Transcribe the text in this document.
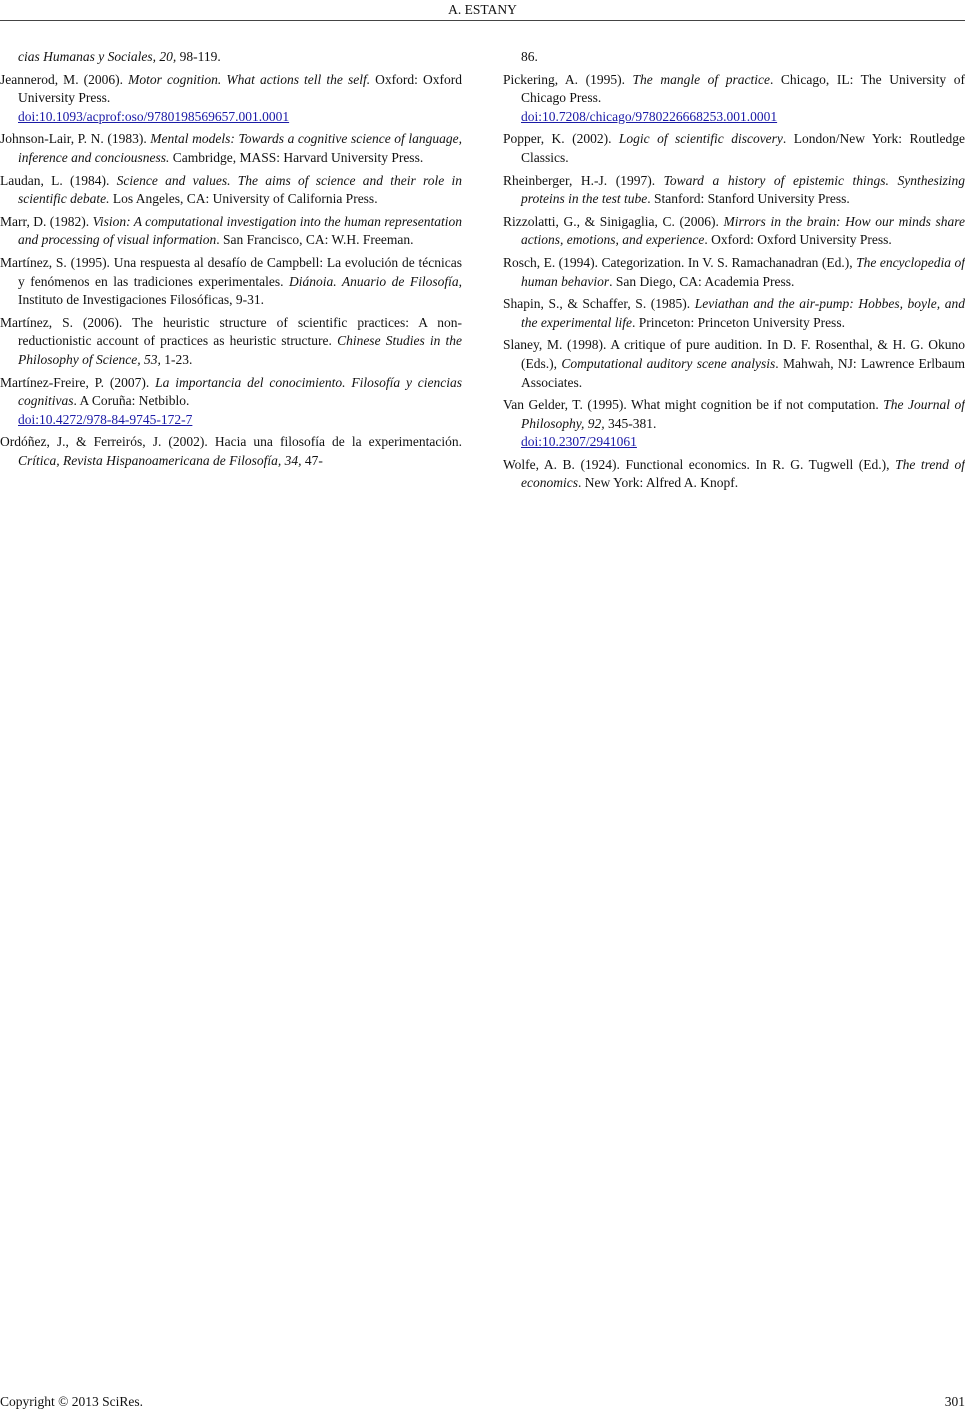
A. ESTANY
cias Humanas y Sociales, 20, 98-119.
Jeannerod, M. (2006). Motor cognition. What actions tell the self. Oxford: Oxford University Press.
doi:10.1093/acprof:oso/9780198569657.001.0001
Johnson-Lair, P. N. (1983). Mental models: Towards a cognitive science of language, inference and conciousness. Cambridge, MASS: Harvard University Press.
Laudan, L. (1984). Science and values. The aims of science and their role in scientific debate. Los Angeles, CA: University of California Press.
Marr, D. (1982). Vision: A computational investigation into the human representation and processing of visual information. San Francisco, CA: W.H. Freeman.
Martínez, S. (1995). Una respuesta al desafío de Campbell: La evolución de técnicas y fenómenos en las tradiciones experimentales. Diánoia. Anuario de Filosofía, Instituto de Investigaciones Filosóficas, 9-31.
Martínez, S. (2006). The heuristic structure of scientific practices: A non-reductionistic account of practices as heuristic structure. Chinese Studies in the Philosophy of Science, 53, 1-23.
Martínez-Freire, P. (2007). La importancia del conocimiento. Filosofía y ciencias cognitivas. A Coruña: Netbiblo.
doi:10.4272/978-84-9745-172-7
Ordóñez, J., & Ferreirós, J. (2002). Hacia una filosofía de la experimentación. Crítica, Revista Hispanoamericana de Filosofía, 34, 47-
86.
Pickering, A. (1995). The mangle of practice. Chicago, IL: The University of Chicago Press.
doi:10.7208/chicago/9780226668253.001.0001
Popper, K. (2002). Logic of scientific discovery. London/New York: Routledge Classics.
Rheinberger, H.-J. (1997). Toward a history of epistemic things. Synthesizing proteins in the test tube. Stanford: Stanford University Press.
Rizzolatti, G., & Sinigaglia, C. (2006). Mirrors in the brain: How our minds share actions, emotions, and experience. Oxford: Oxford University Press.
Rosch, E. (1994). Categorization. In V. S. Ramachanadran (Ed.), The encyclopedia of human behavior. San Diego, CA: Academia Press.
Shapin, S., & Schaffer, S. (1985). Leviathan and the air-pump: Hobbes, boyle, and the experimental life. Princeton: Princeton University Press.
Slaney, M. (1998). A critique of pure audition. In D. F. Rosenthal, & H. G. Okuno (Eds.), Computational auditory scene analysis. Mahwah, NJ: Lawrence Erlbaum Associates.
Van Gelder, T. (1995). What might cognition be if not computation. The Journal of Philosophy, 92, 345-381.
doi:10.2307/2941061
Wolfe, A. B. (1924). Functional economics. In R. G. Tugwell (Ed.), The trend of economics. New York: Alfred A. Knopf.
Copyright © 2013 SciRes.	301
